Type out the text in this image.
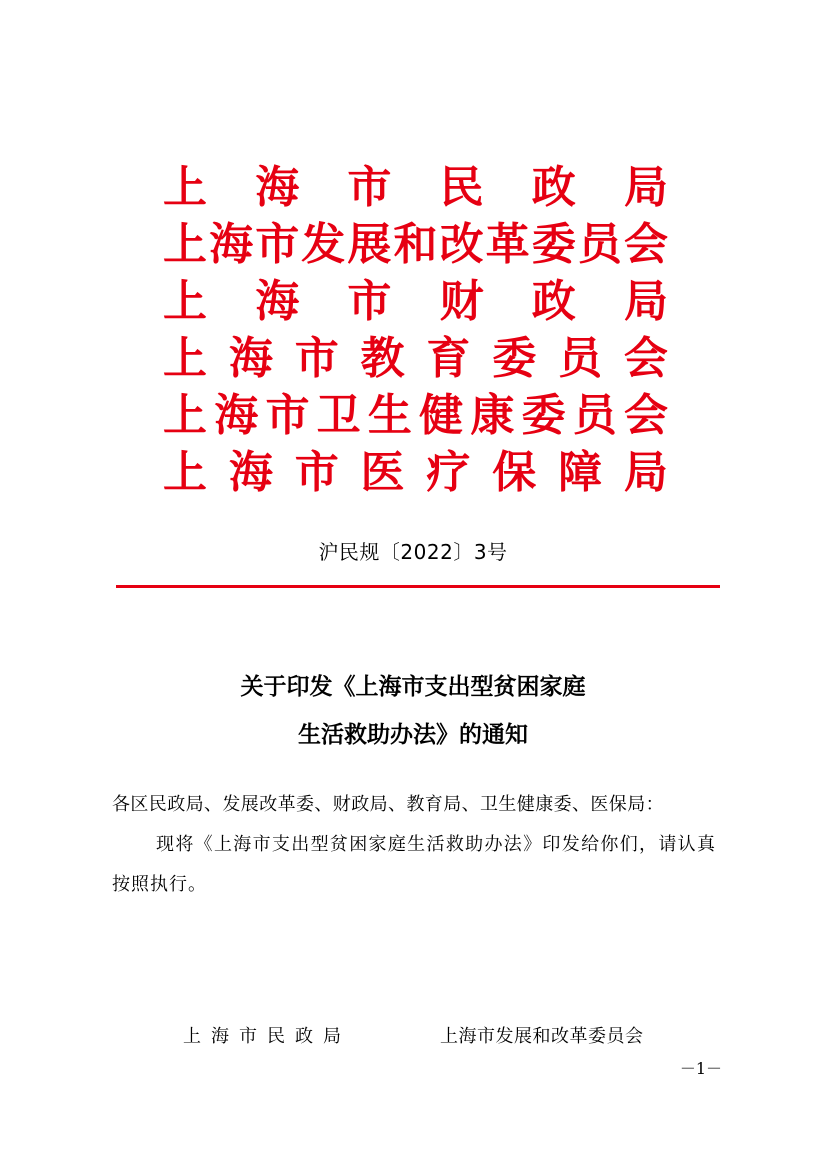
上 海 市 民 政 局
上 海 市 发 展 和 改 革 委 员 会
上 海 市 财 政 局
上 海 市 教 育 委 员 会
上 海 市 卫 生 健 康 委 员 会
上 海 市 医 疗 保 障 局
沪民规〔2022〕3号
关于印发《上海市支出型贫困家庭
生活救助办法》的通知
各区民政局、发展改革委、财政局、教育局、卫生健康委、医保局：
现将《上海市支出型贫困家庭生活救助办法》印发给你们，请认真按照执行。
上海市民政局	上海市发展和改革委员会
－1－
